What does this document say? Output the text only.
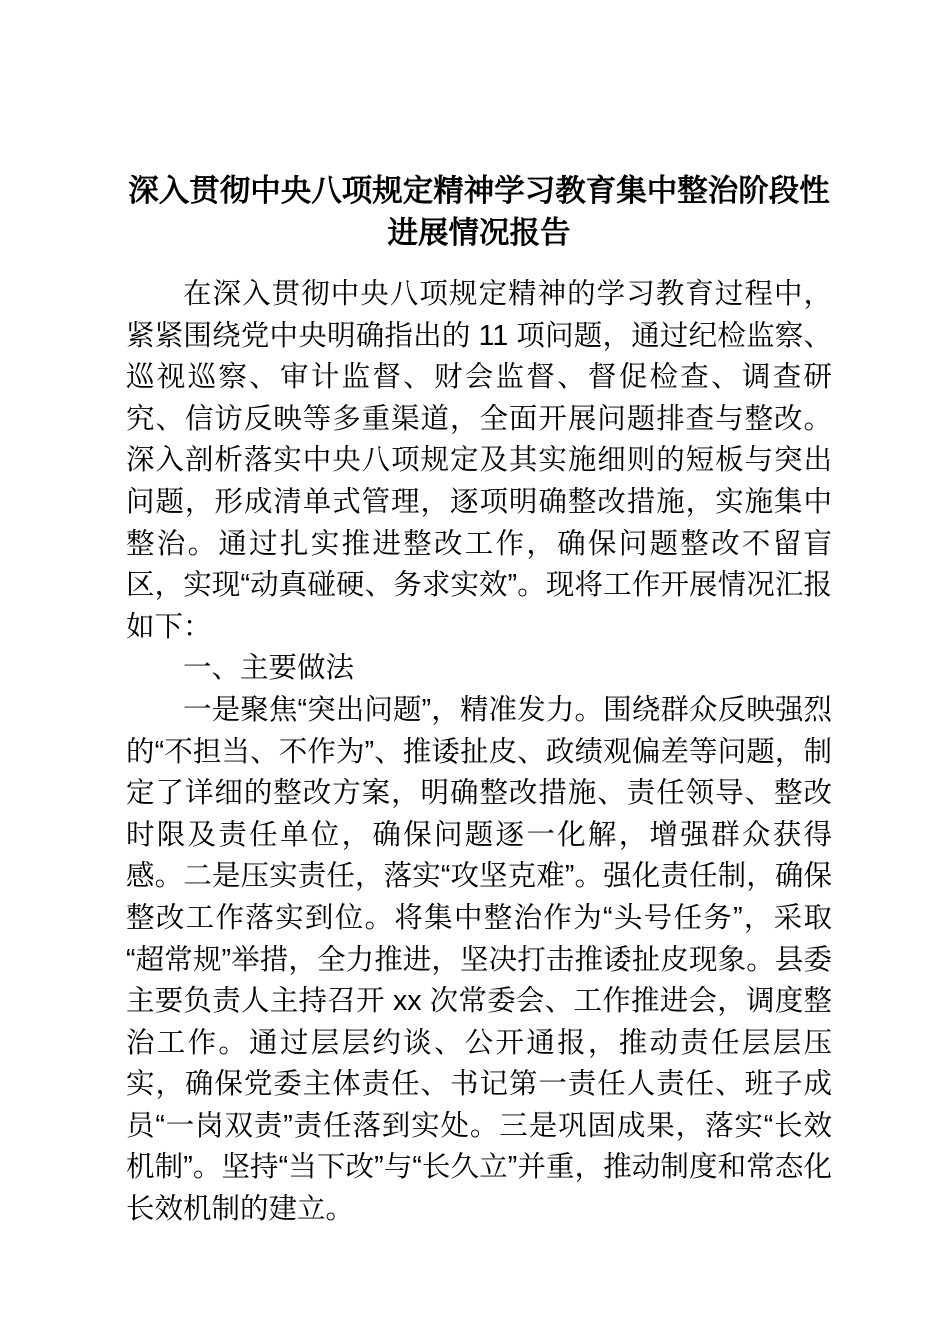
深入贯彻中央八项规定精神学习教育集中整治阶段性进展情况报告

在深入贯彻中央八项规定精神的学习教育过程中，紧紧围绕党中央明确指出的 11 项问题，通过纪检监察、巡视巡察、审计监督、财会监督、督促检查、调查研究、信访反映等多重渠道，全面开展问题排查与整改。深入剖析落实中央八项规定及其实施细则的短板与突出问题，形成清单式管理，逐项明确整改措施，实施集中整治。通过扎实推进整改工作，确保问题整改不留盲区，实现“动真碰硬、务求实效”。现将工作开展情况汇报如下：

一、主要做法

一是聚焦“突出问题”，精准发力。围绕群众反映强烈的“不担当、不作为”、推诿扯皮、政绩观偏差等问题，制定了详细的整改方案，明确整改措施、责任领导、整改时限及责任单位，确保问题逐一化解，增强群众获得感。二是压实责任，落实“攻坚克难”。强化责任制，确保整改工作落实到位。将集中整治作为“头号任务”，采取“超常规”举措，全力推进，坚决打击推诿扯皮现象。县委主要负责人主持召开 xx 次常委会、工作推进会，调度整治工作。通过层层约谈、公开通报，推动责任层层压实，确保党委主体责任、书记第一责任人责任、班子成员“一岗双责”责任落到实处。三是巩固成果，落实“长效机制”。坚持“当下改”与“长久立”并重，推动制度和常态化长效机制的建立。
